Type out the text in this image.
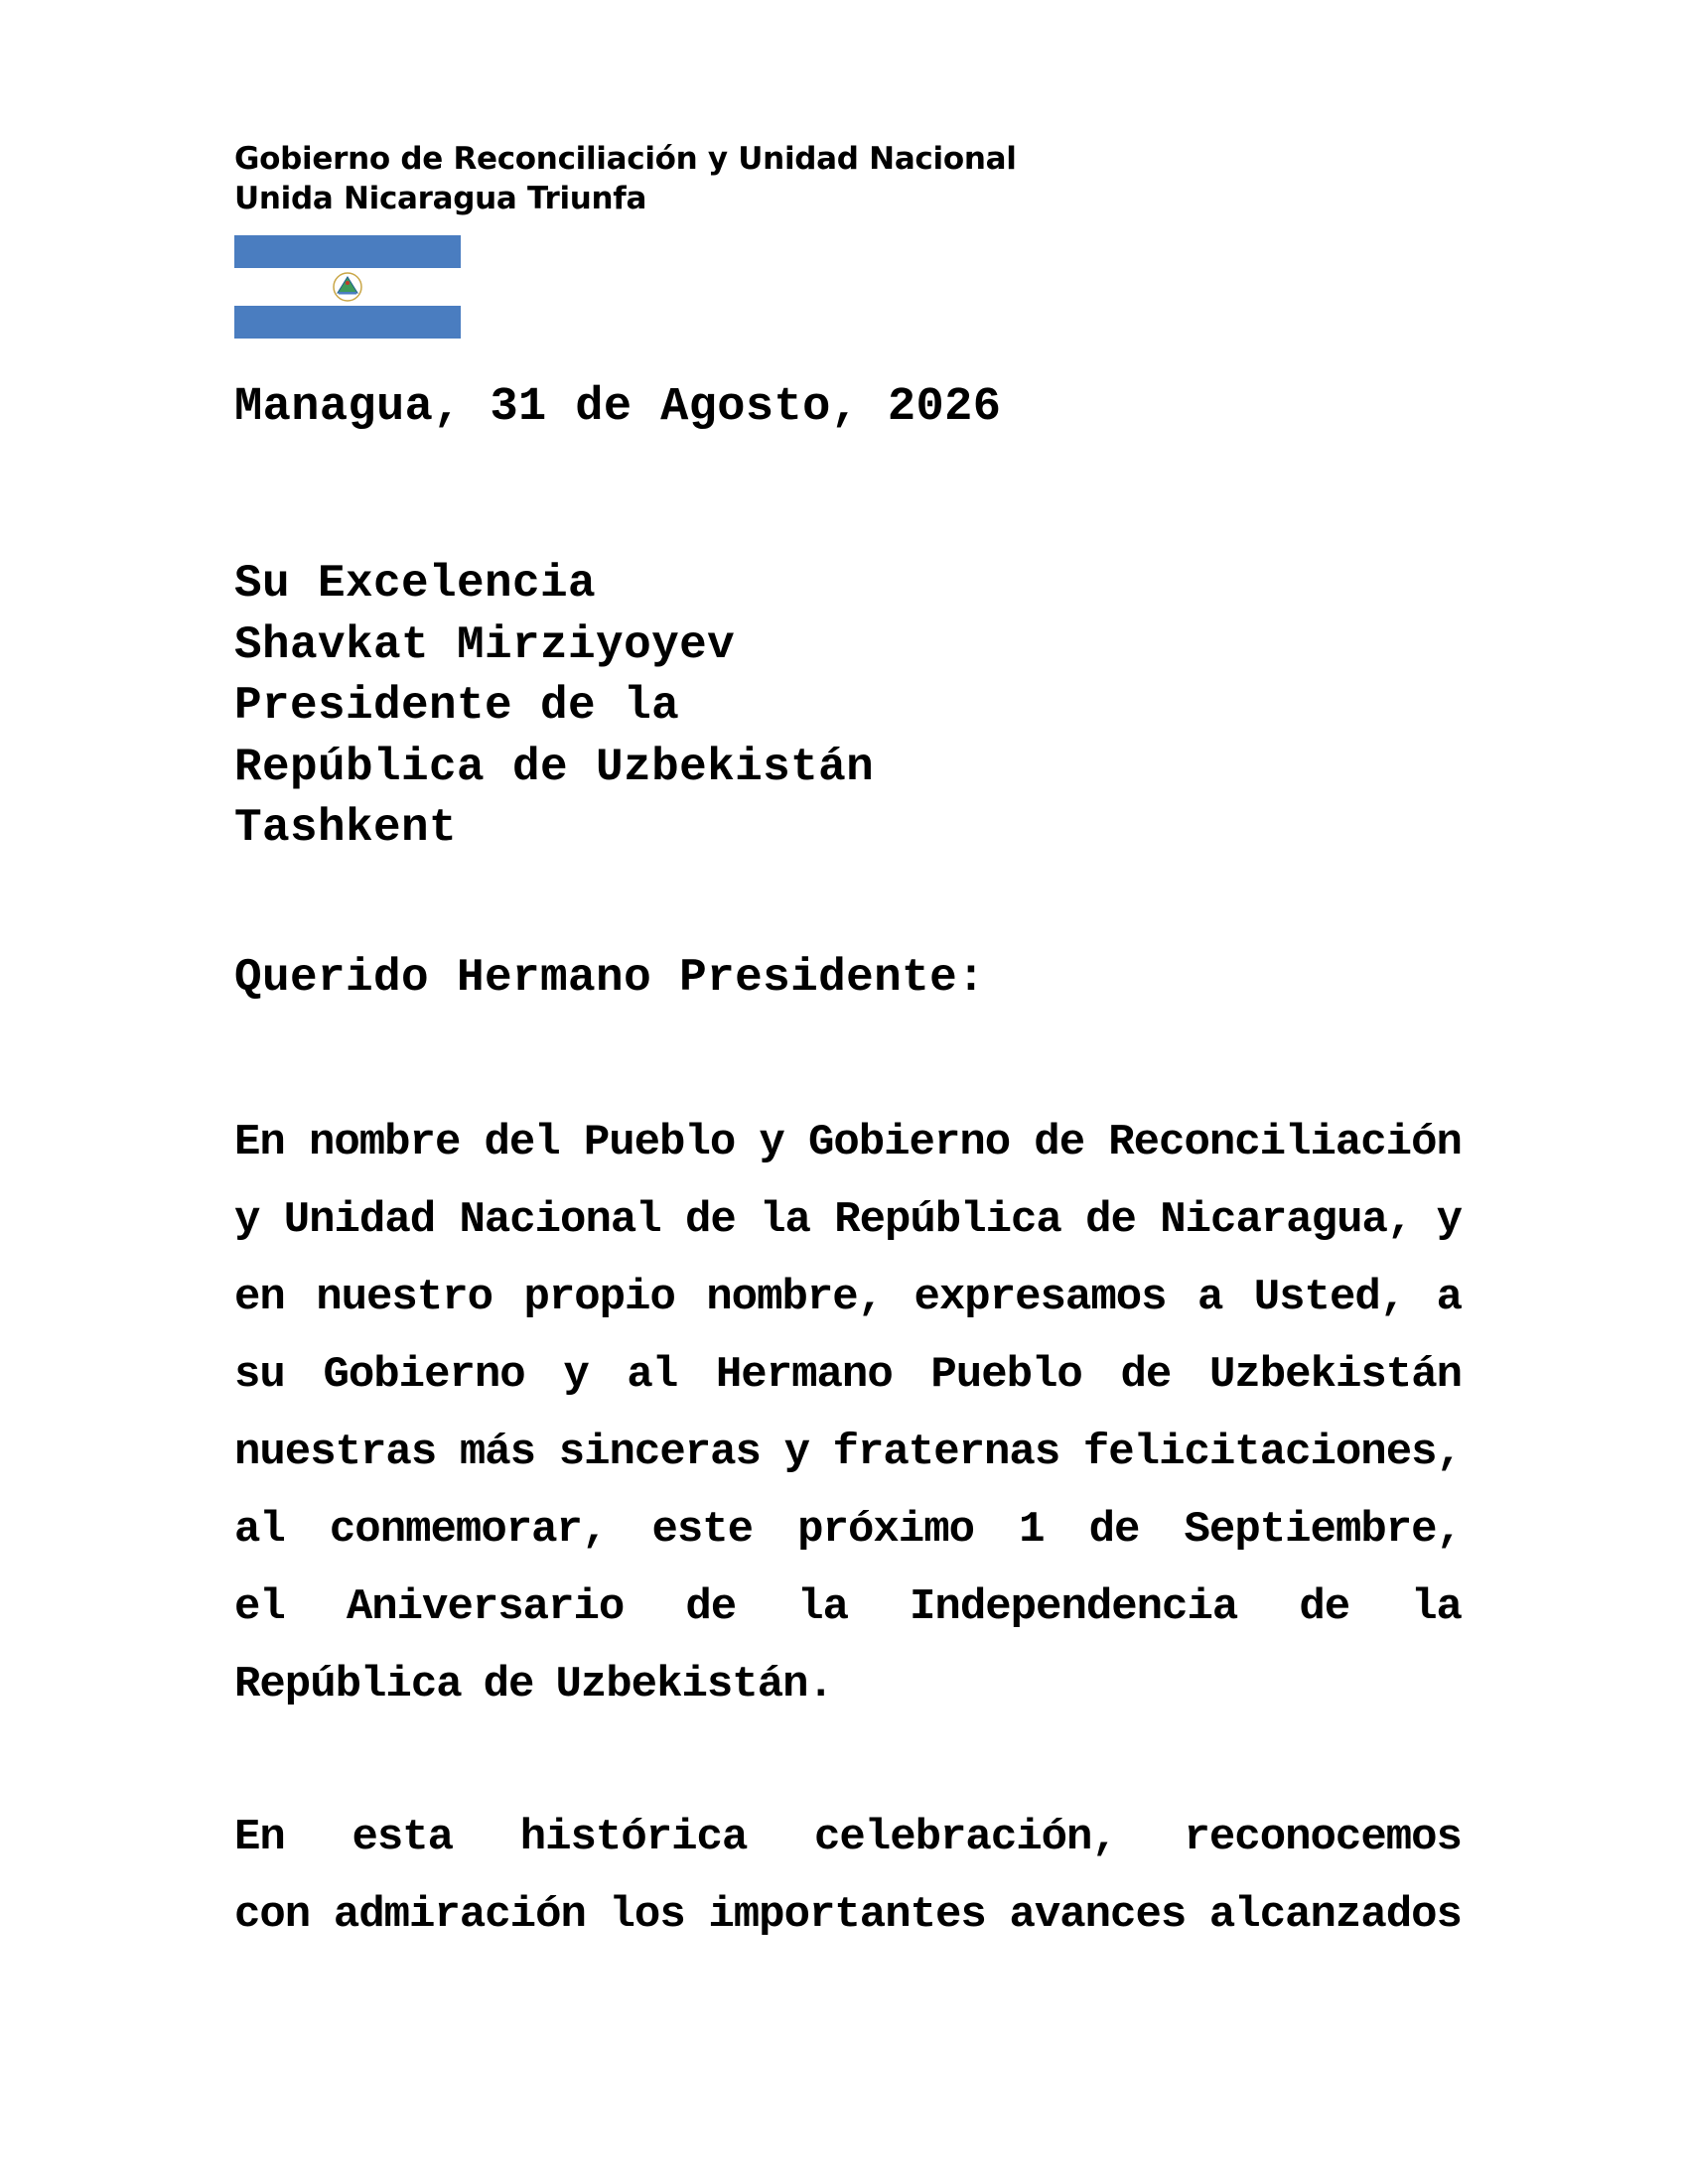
Gobierno de Reconciliación y Unidad Nacional
Unida Nicaragua Triunfa
Managua, 31 de Agosto, 2026
Su Excelencia
Shavkat Mirziyoyev
Presidente de la
República de Uzbekistán
Tashkent
Querido Hermano Presidente:
En nombre del Pueblo y Gobierno de Reconciliación
y Unidad Nacional de la República de Nicaragua, y
en nuestro propio nombre, expresamos a Usted, a
su Gobierno y al Hermano Pueblo de Uzbekistán
nuestras más sinceras y fraternas felicitaciones,
al conmemorar, este próximo 1 de Septiembre,
el Aniversario de la Independencia de la
República de Uzbekistán.
En esta histórica celebración, reconocemos
con admiración los importantes avances alcanzados
